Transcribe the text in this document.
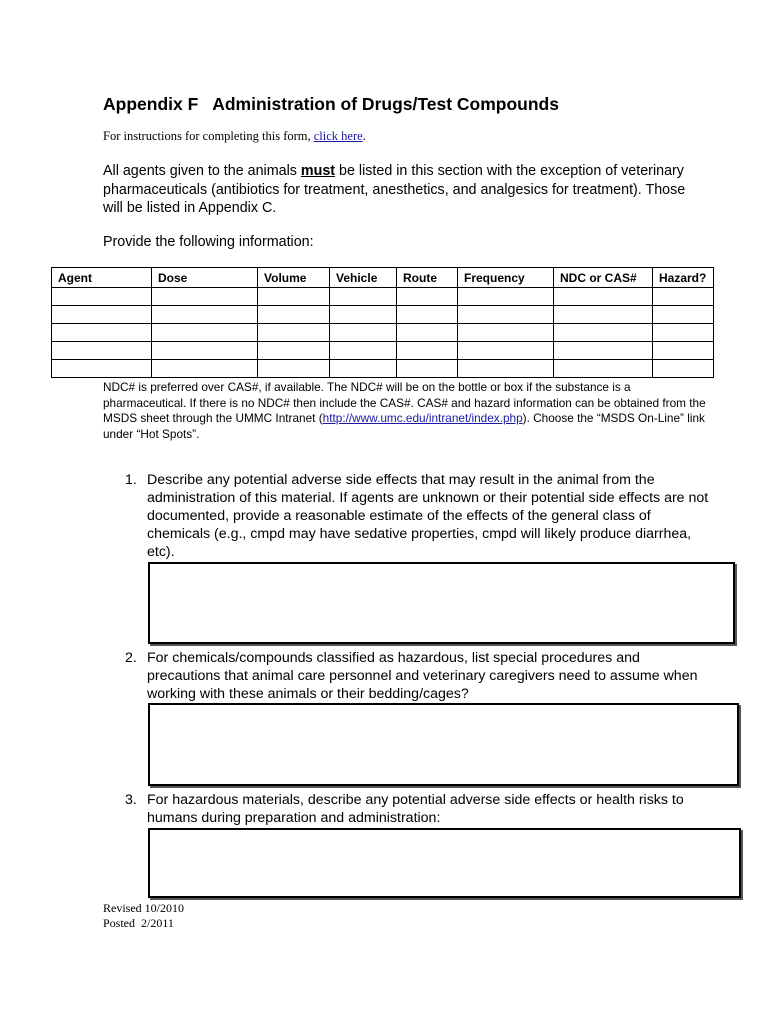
Appendix F   Administration of Drugs/Test Compounds
For instructions for completing this form, click here.
All agents given to the animals must be listed in this section with the exception of veterinary pharmaceuticals (antibiotics for treatment, anesthetics, and analgesics for treatment). Those will be listed in Appendix C.
Provide the following information:
Agent	Dose	Volume	Vehicle	Route	Frequency	NDC or CAS#	Hazard?

NDC# is preferred over CAS#, if available. The NDC# will be on the bottle or box if the substance is a pharmaceutical. If there is no NDC# then include the CAS#. CAS# and hazard information can be obtained from the MSDS sheet through the UMMC Intranet (http://www.umc.edu/intranet/index.php). Choose the “MSDS On-Line” link under “Hot Spots”.
1. Describe any potential adverse side effects that may result in the animal from the administration of this material. If agents are unknown or their potential side effects are not documented, provide a reasonable estimate of the effects of the general class of chemicals (e.g., cmpd may have sedative properties, cmpd will likely produce diarrhea, etc).
2. For chemicals/compounds classified as hazardous, list special procedures and precautions that animal care personnel and veterinary caregivers need to assume when working with these animals or their bedding/cages?
3. For hazardous materials, describe any potential adverse side effects or health risks to humans during preparation and administration:
Revised 10/2010
Posted  2/2011
